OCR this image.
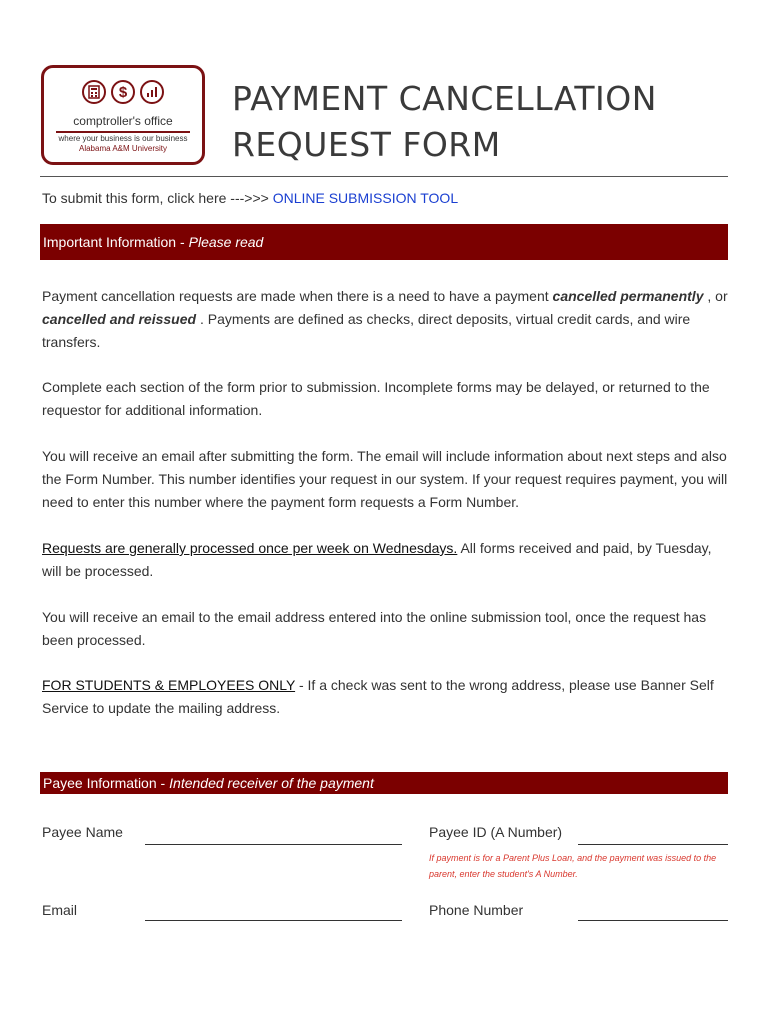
$
comptroller's office
where your business is our business
Alabama A&M University
PAYMENT CANCELLATION
REQUEST FORM
To submit this form, click here --->>> ONLINE SUBMISSION TOOL
Important Information - Please read
Payment cancellation requests are made when there is a need to have a payment cancelled permanently , or cancelled and reissued . Payments are defined as checks, direct deposits, virtual credit cards, and wire transfers.
Complete each section of the form prior to submission. Incomplete forms may be delayed, or returned to the requestor for additional information.
You will receive an email after submitting the form. The email will include information about next steps and also the Form Number. This number identifies your request in our system. If your request requires payment, you will need to enter this number where the payment form requests a Form Number.
Requests are generally processed once per week on Wednesdays. All forms received and paid, by Tuesday, will be processed.
You will receive an email to the email address entered into the online submission tool, once the request has been processed.
FOR STUDENTS & EMPLOYEES ONLY - If a check was sent to the wrong address, please use Banner Self Service to update the mailing address.
Payee Information - Intended receiver of the payment
Payee Name	Payee ID (A Number)
If payment is for a Parent Plus Loan, and the payment was issued to the parent, enter the student's A Number.
Email	Phone Number
